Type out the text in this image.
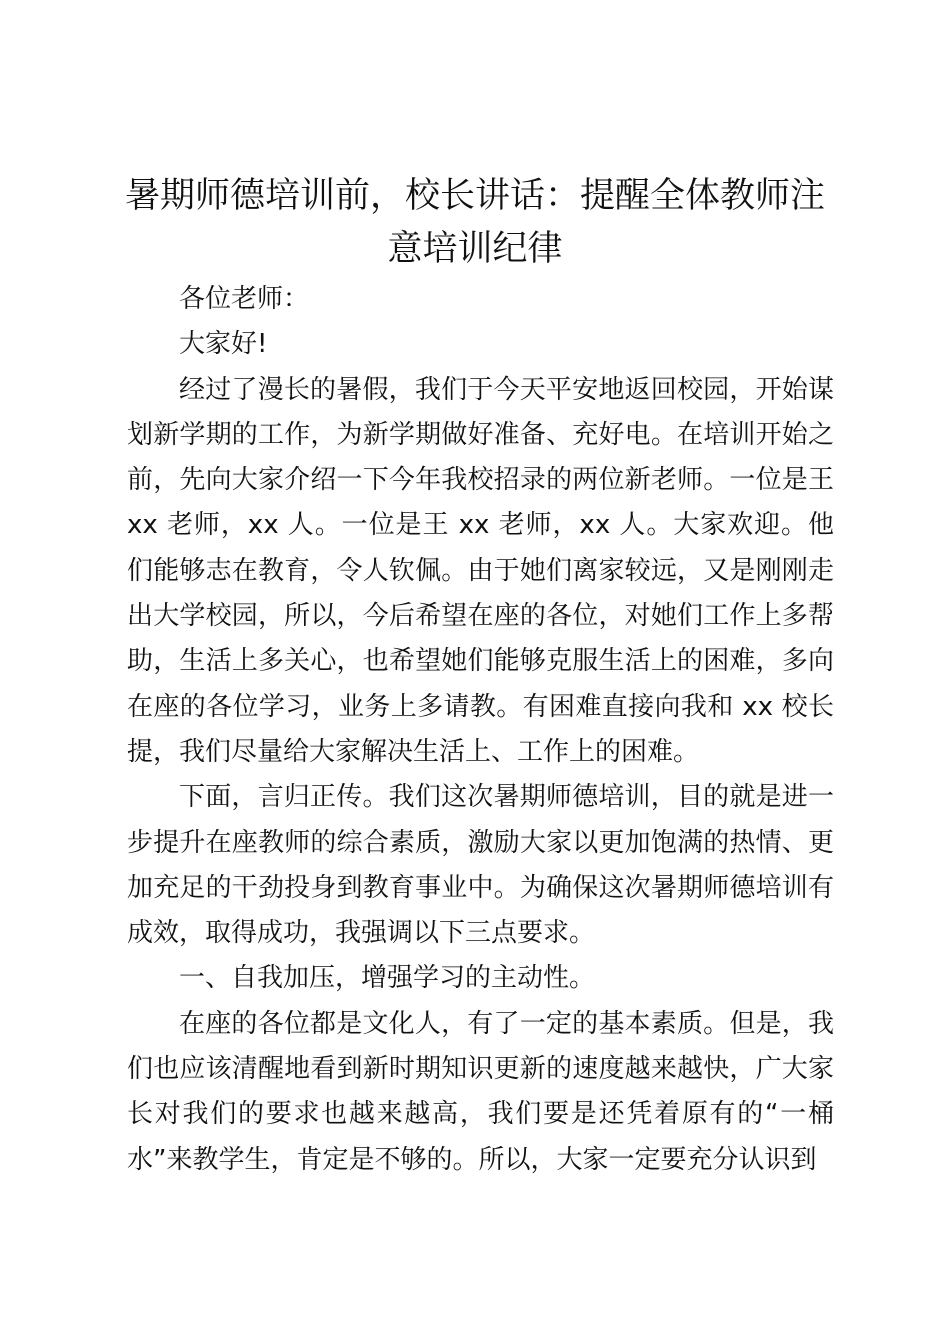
暑期师德培训前，校长讲话：提醒全体教师注意培训纪律

各位老师：

大家好!

经过了漫长的暑假，我们于今天平安地返回校园，开始谋划新学期的工作，为新学期做好准备、充好电。在培训开始之前，先向大家介绍一下今年我校招录的两位新老师。一位是王 xx 老师，xx 人。一位是王 xx 老师，xx 人。大家欢迎。他们能够志在教育，令人钦佩。由于她们离家较远，又是刚刚走出大学校园，所以，今后希望在座的各位，对她们工作上多帮助，生活上多关心，也希望她们能够克服生活上的困难，多向在座的各位学习，业务上多请教。有困难直接向我和 xx 校长提，我们尽量给大家解决生活上、工作上的困难。

下面，言归正传。我们这次暑期师德培训，目的就是进一步提升在座教师的综合素质，激励大家以更加饱满的热情、更加充足的干劲投身到教育事业中。为确保这次暑期师德培训有成效，取得成功，我强调以下三点要求。

一、自我加压，增强学习的主动性。

在座的各位都是文化人，有了一定的基本素质。但是，我们也应该清醒地看到新时期知识更新的速度越来越快，广大家长对我们的要求也越来越高，我们要是还凭着原有的“一桶水”来教学生，肯定是不够的。所以，大家一定要充分认识到
